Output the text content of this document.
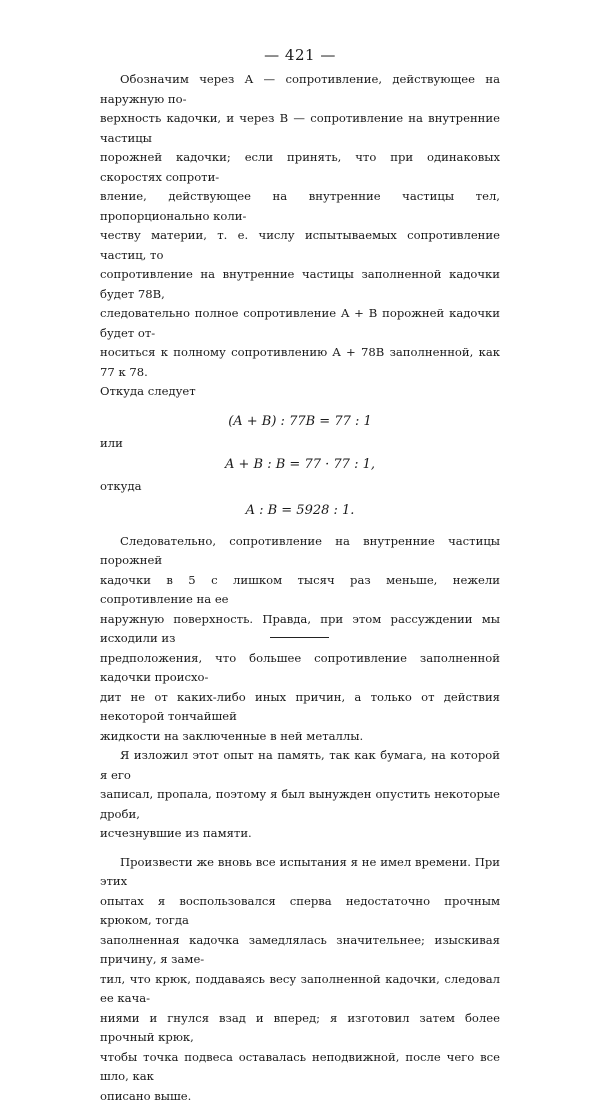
— 421 —
Обозначим через A — сопротивление, действующее на наружную по-
верхность кадочки, и через B — сопротивление на внутренние частицы
порожней кадочки; если принять, что при одинаковых скоростях сопроти-
вление, действующее на внутренние частицы тел, пропорционально коли-
честву материи, т. е. числу испытываемых сопротивление частиц, то
сопротивление на внутренние частицы заполненной кадочки будет 78B,
следовательно полное сопротивление A + B порожней кадочки будет от-
носиться к полному сопротивлению A + 78B заполненной, как 77 к 78.
Откуда следует
(A + B) : 77B = 77 : 1
или
A + B : B = 77 · 77 : 1,
откуда
A : B = 5928 : 1.
Следовательно, сопротивление на внутренние частицы порожней
кадочки в 5 с лишком тысяч раз меньше, нежели сопротивление на ее
наружную поверхность. Правда, при этом рассуждении мы исходили из
предположения, что большее сопротивление заполненной кадочки происхо-
дит не от каких-либо иных причин, а только от действия некоторой тончайшей
жидкости на заключенные в ней металлы.
Я изложил этот опыт на память, так как бумага, на которой я его
записал, пропала, поэтому я был вынужден опустить некоторые дроби,
исчезнувшие из памяти.
Произвести же вновь все испытания я не имел времени. При этих
опытах я воспользовался сперва недостаточно прочным крюком, тогда
заполненная кадочка замедлялась значительнее; изыскивая причину, я заме-
тил, что крюк, поддаваясь весу заполненной кадочки, следовал ее кача-
ниями и гнулся взад и вперед; я изготовил затем более прочный крюк,
чтобы точка подвеса оставалась неподвижной, после чего все шло, как
описано выше.
